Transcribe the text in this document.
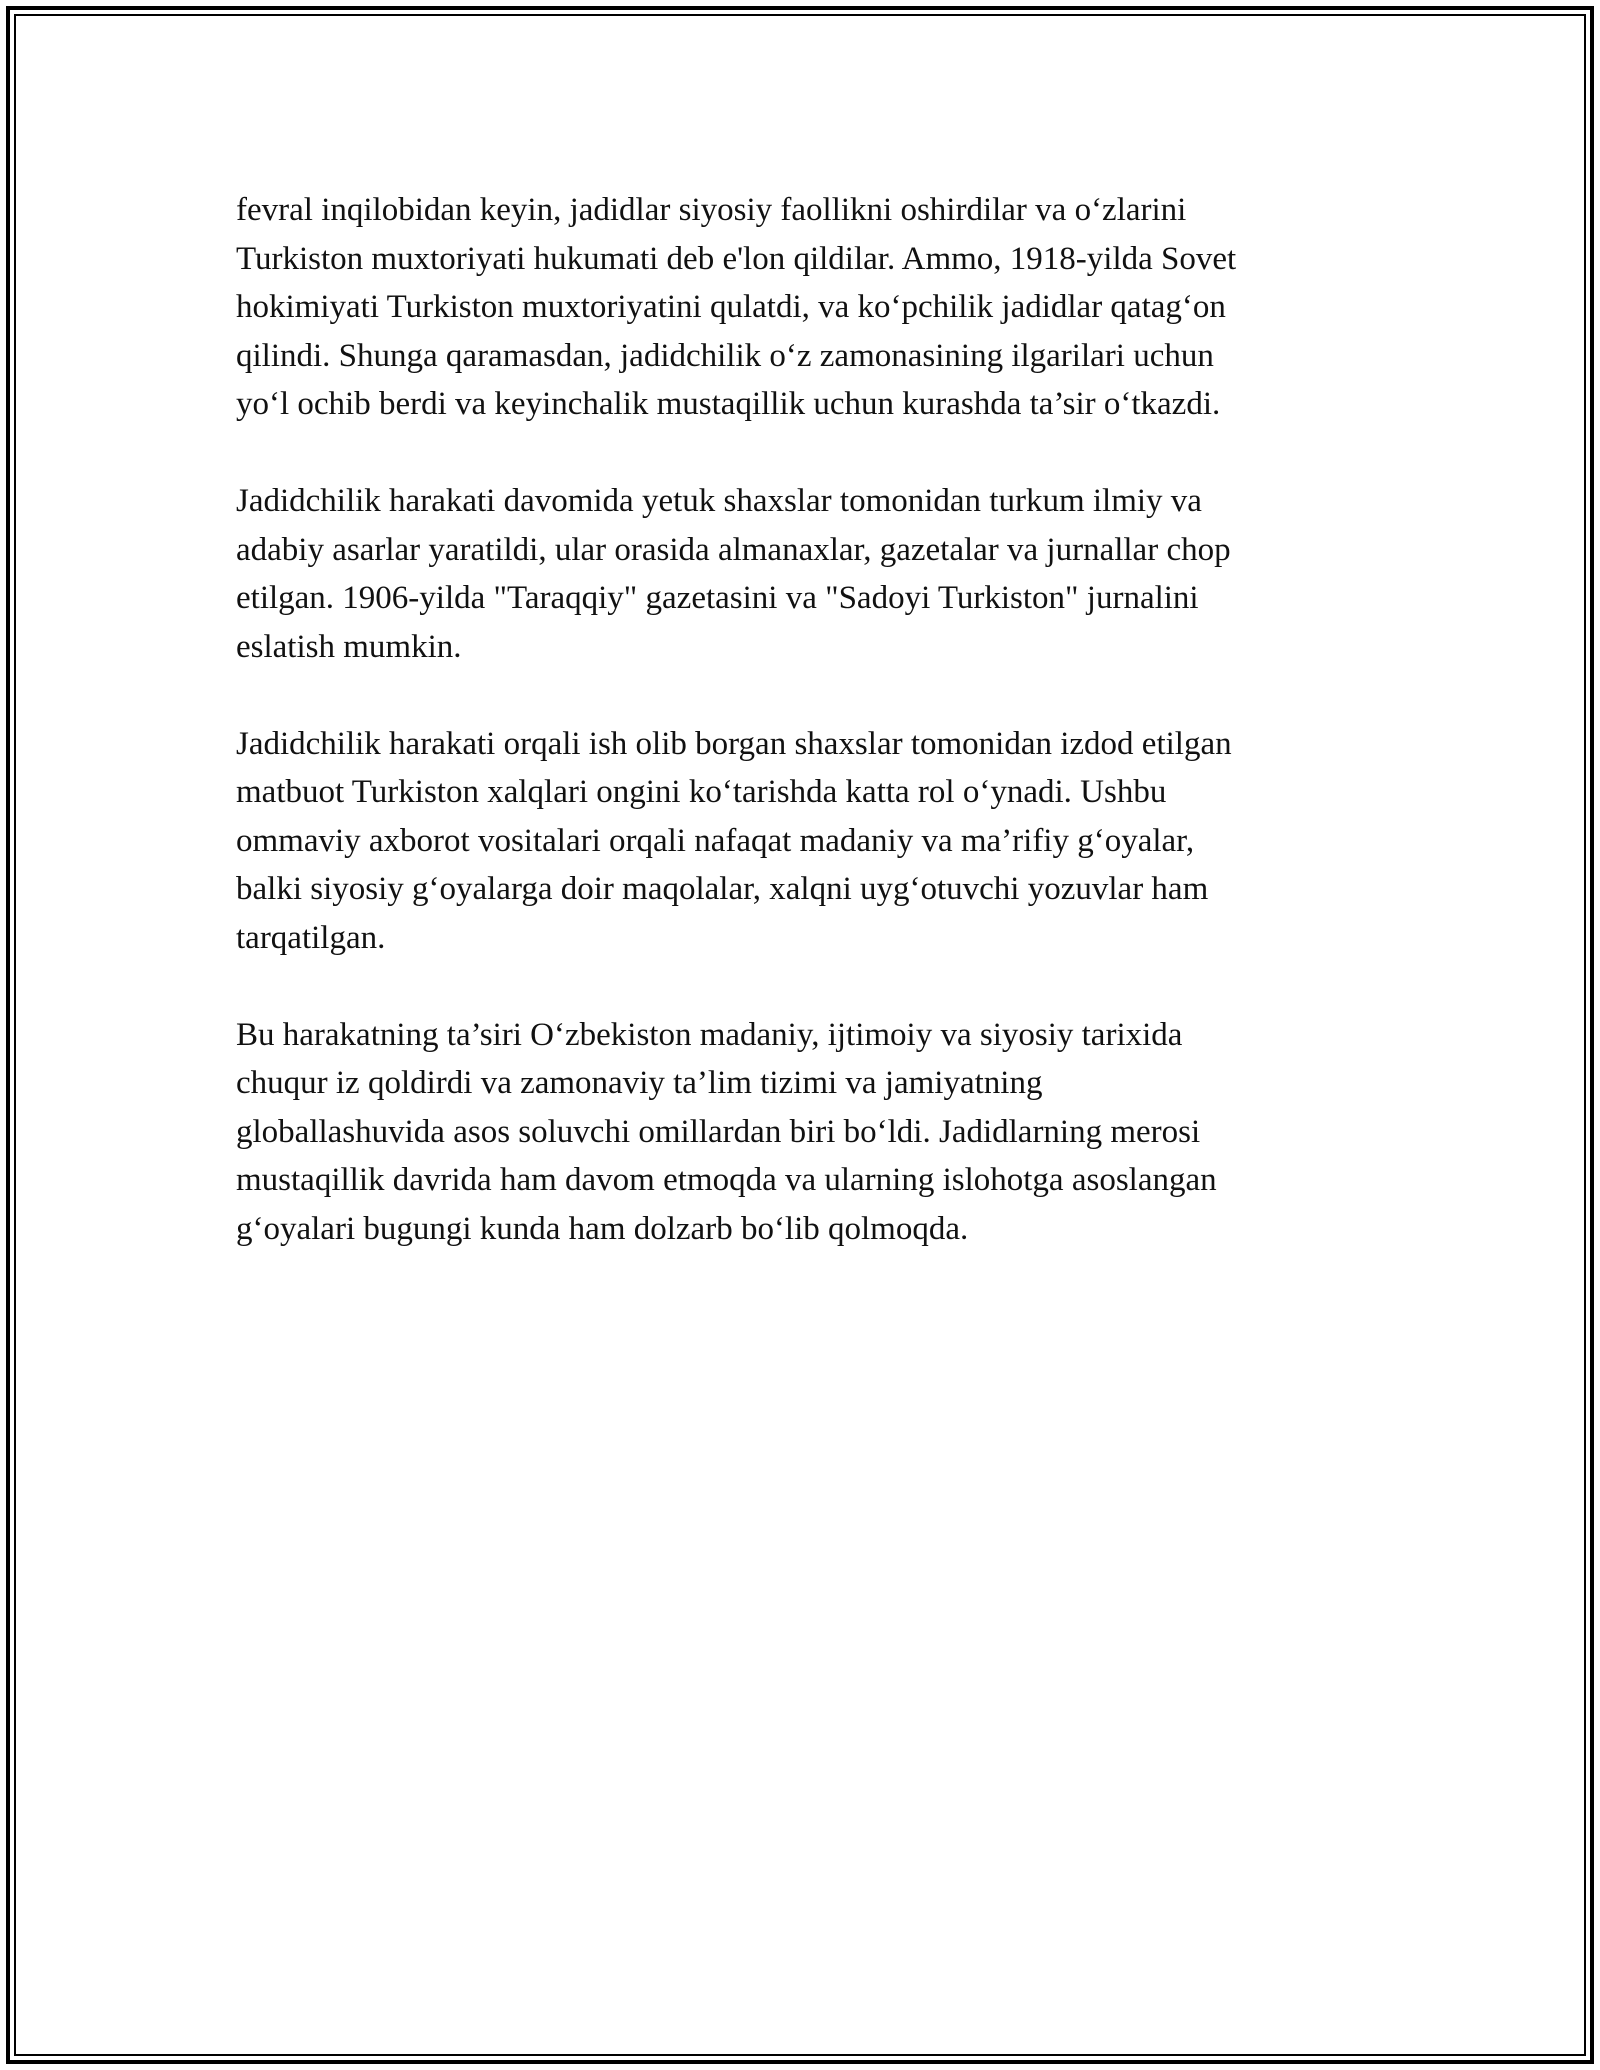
fevral inqilobidan keyin, jadidlar siyosiy faollikni oshirdilar va o‘zlarini
Turkiston muxtoriyati hukumati deb e'lon qildilar. Ammo, 1918-yilda Sovet
hokimiyati Turkiston muxtoriyatini qulatdi, va ko‘pchilik jadidlar qatag‘on
qilindi. Shunga qaramasdan, jadidchilik o‘z zamonasining ilgarilari uchun
yo‘l ochib berdi va keyinchalik mustaqillik uchun kurashda ta’sir o‘tkazdi.

Jadidchilik harakati davomida yetuk shaxslar tomonidan turkum ilmiy va
adabiy asarlar yaratildi, ular orasida almanaxlar, gazetalar va jurnallar chop
etilgan. 1906-yilda "Taraqqiy" gazetasini va "Sadoyi Turkiston" jurnalini
eslatish mumkin.

Jadidchilik harakati orqali ish olib borgan shaxslar tomonidan izdod etilgan
matbuot Turkiston xalqlari ongini ko‘tarishda katta rol o‘ynadi. Ushbu
ommaviy axborot vositalari orqali nafaqat madaniy va ma’rifiy g‘oyalar,
balki siyosiy g‘oyalarga doir maqolalar, xalqni uyg‘otuvchi yozuvlar ham
tarqatilgan.

Bu harakatning ta’siri O‘zbekiston madaniy, ijtimoiy va siyosiy tarixida
chuqur iz qoldirdi va zamonaviy ta’lim tizimi va jamiyatning
globallashuvida asos soluvchi omillardan biri bo‘ldi. Jadidlarning merosi
mustaqillik davrida ham davom etmoqda va ularning islohotga asoslangan
g‘oyalari bugungi kunda ham dolzarb bo‘lib qolmoqda.
